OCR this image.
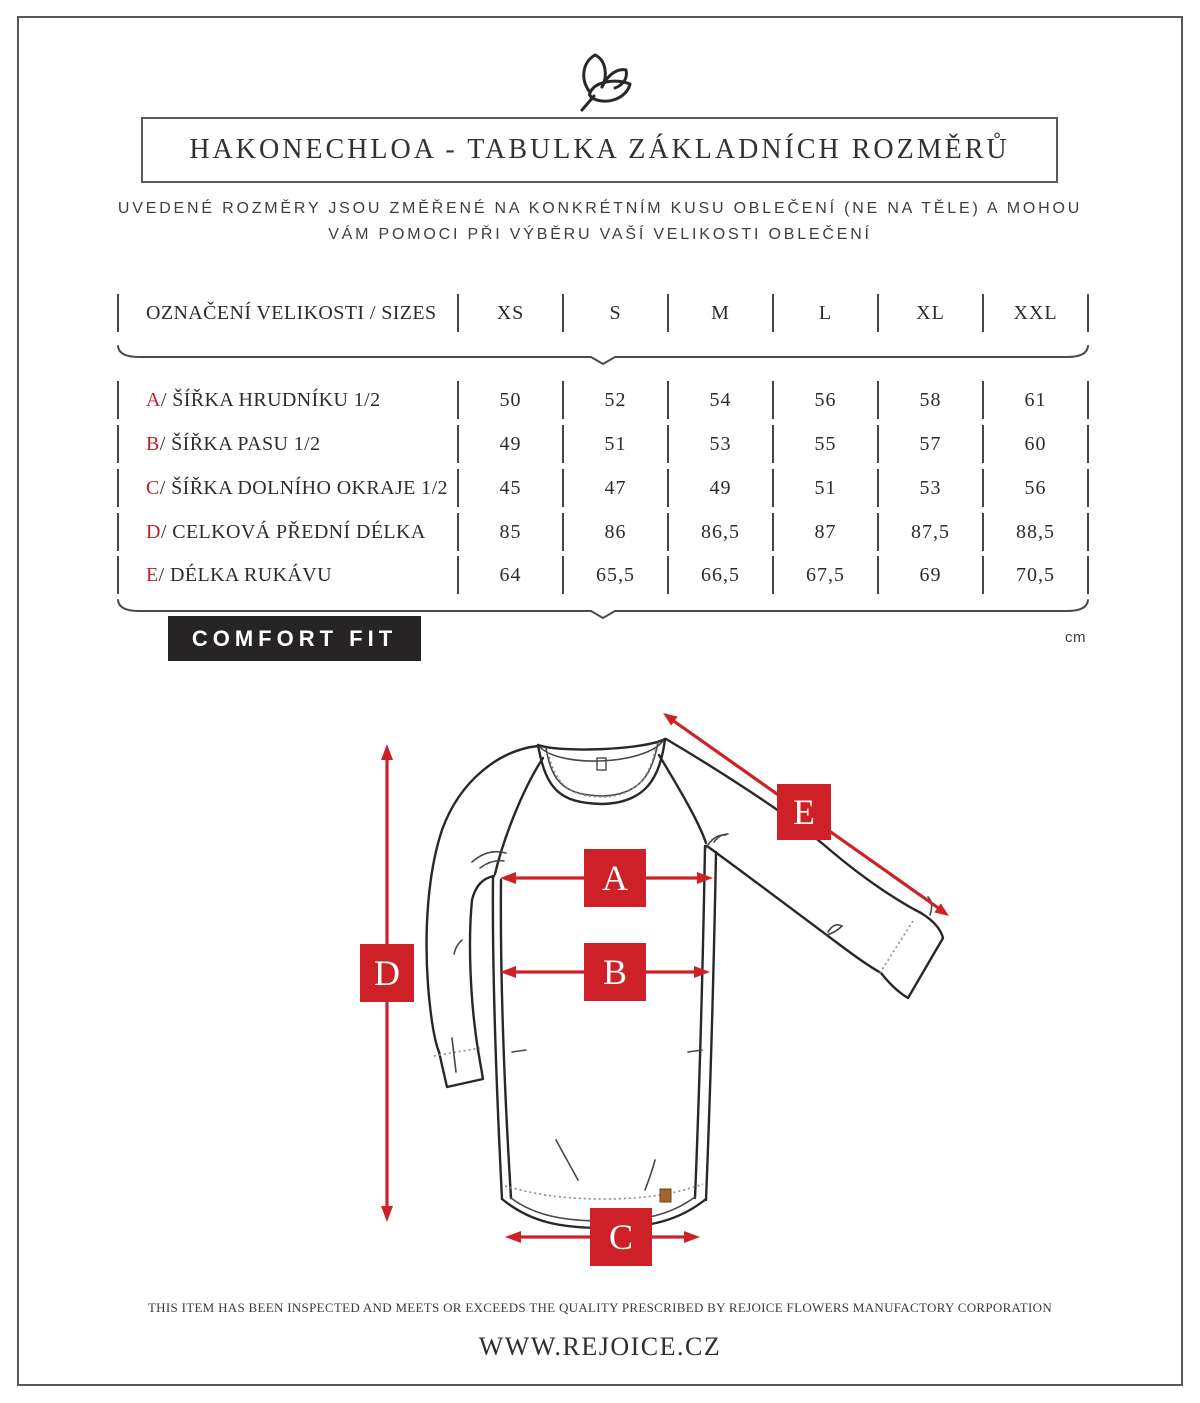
HAKONECHLOA - TABULKA ZÁKLADNÍCH ROZMĚRŮ
UVEDENÉ ROZMĚRY JSOU ZMĚŘENÉ NA KONKRÉTNÍM KUSU OBLEČENÍ (NE NA TĚLE) A MOHOU
VÁM POMOCI PŘI VÝBĚRU VAŠÍ VELIKOSTI OBLEČENÍ
OZNAČENÍ VELIKOSTI / SIZES	XS	S	M	L	XL	XXL
A / ŠÍŘKA HRUDNÍKU 1/2	50	52	54	56	58	61
B / ŠÍŘKA PASU 1/2	49	51	53	55	57	60
C / ŠÍŘKA DOLNÍHO OKRAJE 1/2	45	47	49	51	53	56
D / CELKOVÁ PŘEDNÍ DÉLKA	85	86	86,5	87	87,5	88,5
E / DÉLKA RUKÁVU	64	65,5	66,5	67,5	69	70,5
COMFORT FIT	cm
A
B
C
D
E
THIS ITEM HAS BEEN INSPECTED AND MEETS OR EXCEEDS THE QUALITY PRESCRIBED BY REJOICE FLOWERS MANUFACTORY CORPORATION
WWW.REJOICE.CZ
